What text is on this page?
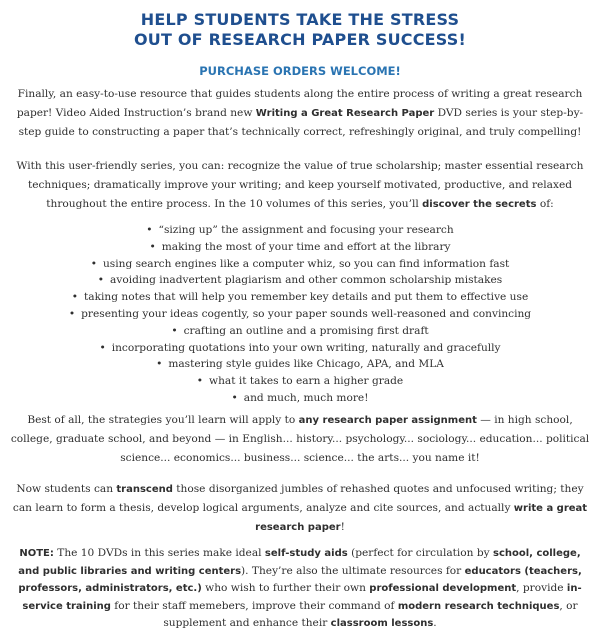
HELP STUDENTS TAKE THE STRESS
OUT OF RESEARCH PAPER SUCCESS!
PURCHASE ORDERS WELCOME!

Finally, an easy-to-use resource that guides students along the entire process of writing a great research paper! Video Aided Instruction’s brand new Writing a Great Research Paper DVD series is your step-by-step guide to constructing a paper that’s technically correct, refreshingly original, and truly compelling!

With this user-friendly series, you can: recognize the value of true scholarship; master essential research techniques; dramatically improve your writing; and keep yourself motivated, productive, and relaxed throughout the entire process. In the 10 volumes of this series, you’ll discover the secrets of:

• “sizing up” the assignment and focusing your research
• making the most of your time and effort at the library
• using search engines like a computer whiz, so you can find information fast
• avoiding inadvertent plagiarism and other common scholarship mistakes
• taking notes that will help you remember key details and put them to effective use
• presenting your ideas cogently, so your paper sounds well-reasoned and convincing
• crafting an outline and a promising first draft
• incorporating quotations into your own writing, naturally and gracefully
• mastering style guides like Chicago, APA, and MLA
• what it takes to earn a higher grade
• and much, much more!

Best of all, the strategies you’ll learn will apply to any research paper assignment — in high school, college, graduate school, and beyond — in English... history... psychology... sociology... education... political science... economics... business... science... the arts... you name it!

Now students can transcend those disorganized jumbles of rehashed quotes and unfocused writing; they can learn to form a thesis, develop logical arguments, analyze and cite sources, and actually write a great research paper!

NOTE: The 10 DVDs in this series make ideal self-study aids (perfect for circulation by school, college, and public libraries and writing centers). They’re also the ultimate resources for educators (teachers, professors, administrators, etc.) who wish to further their own professional development, provide in-service training for their staff memebers, improve their command of modern research techniques, or supplement and enhance their classroom lessons.
